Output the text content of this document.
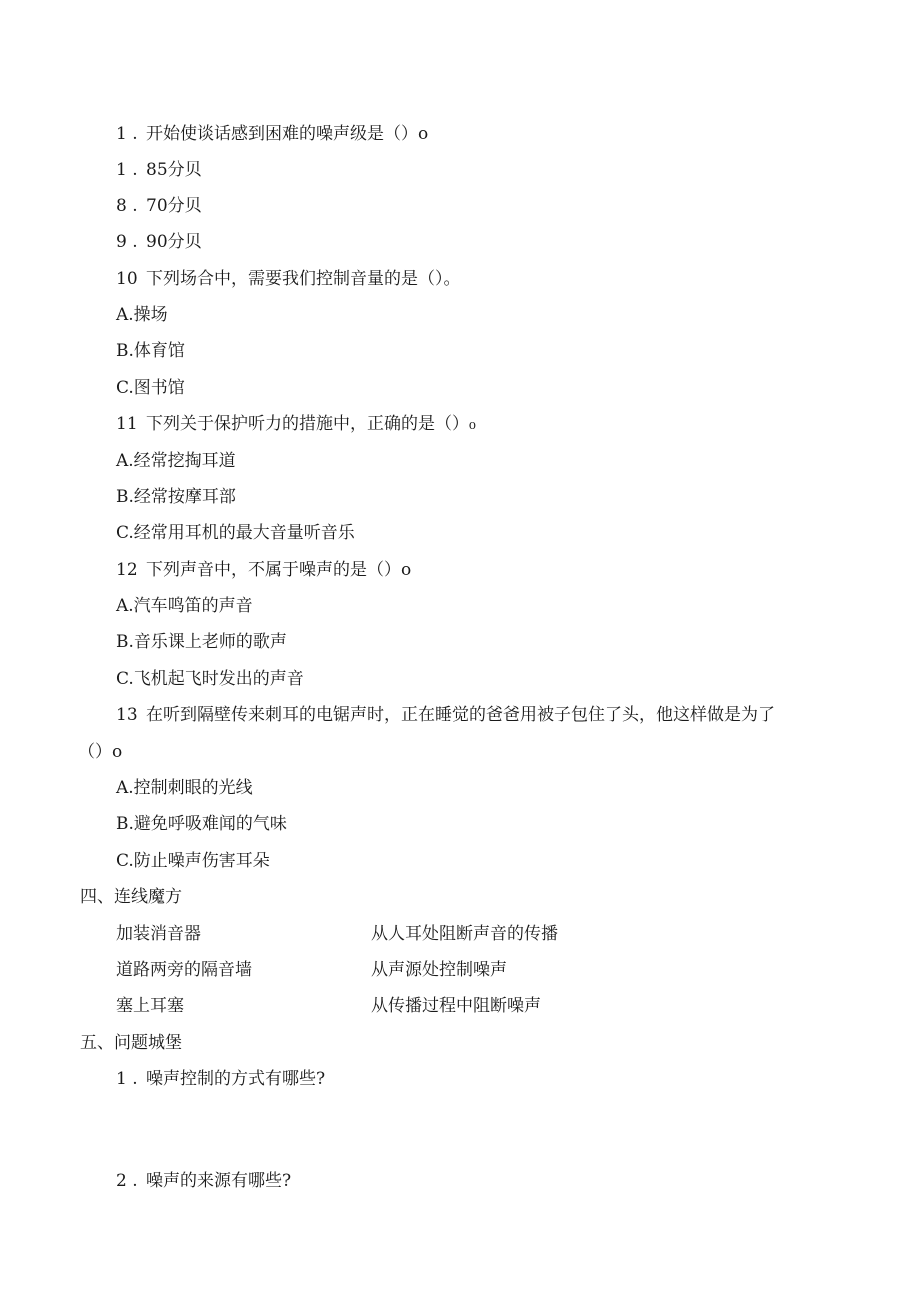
1 . 开始使谈话感到困难的噪声级是（）o
1 . 85分贝
8 . 70分贝
9 . 90分贝
10 下列场合中，需要我们控制音量的是（）。
A.操场
B.体育馆
C.图书馆
11 下列关于保护听力的措施中，正确的是（）₀
A.经常挖掏耳道
B.经常按摩耳部
C.经常用耳机的最大音量听音乐
12 下列声音中，不属于噪声的是（）o
A.汽车鸣笛的声音
B.音乐课上老师的歌声
C.飞机起飞时发出的声音
13 在听到隔壁传来刺耳的电锯声时，正在睡觉的爸爸用被子包住了头，他这样做是为了
（）o
A.控制刺眼的光线
B.避免呼吸难闻的气味
C.防止噪声伤害耳朵
四、连线魔方
加装消音器	从人耳处阻断声音的传播
道路两旁的隔音墙	从声源处控制噪声
塞上耳塞	从传播过程中阻断噪声
五、问题城堡
1 . 噪声控制的方式有哪些?
2 . 噪声的来源有哪些?
